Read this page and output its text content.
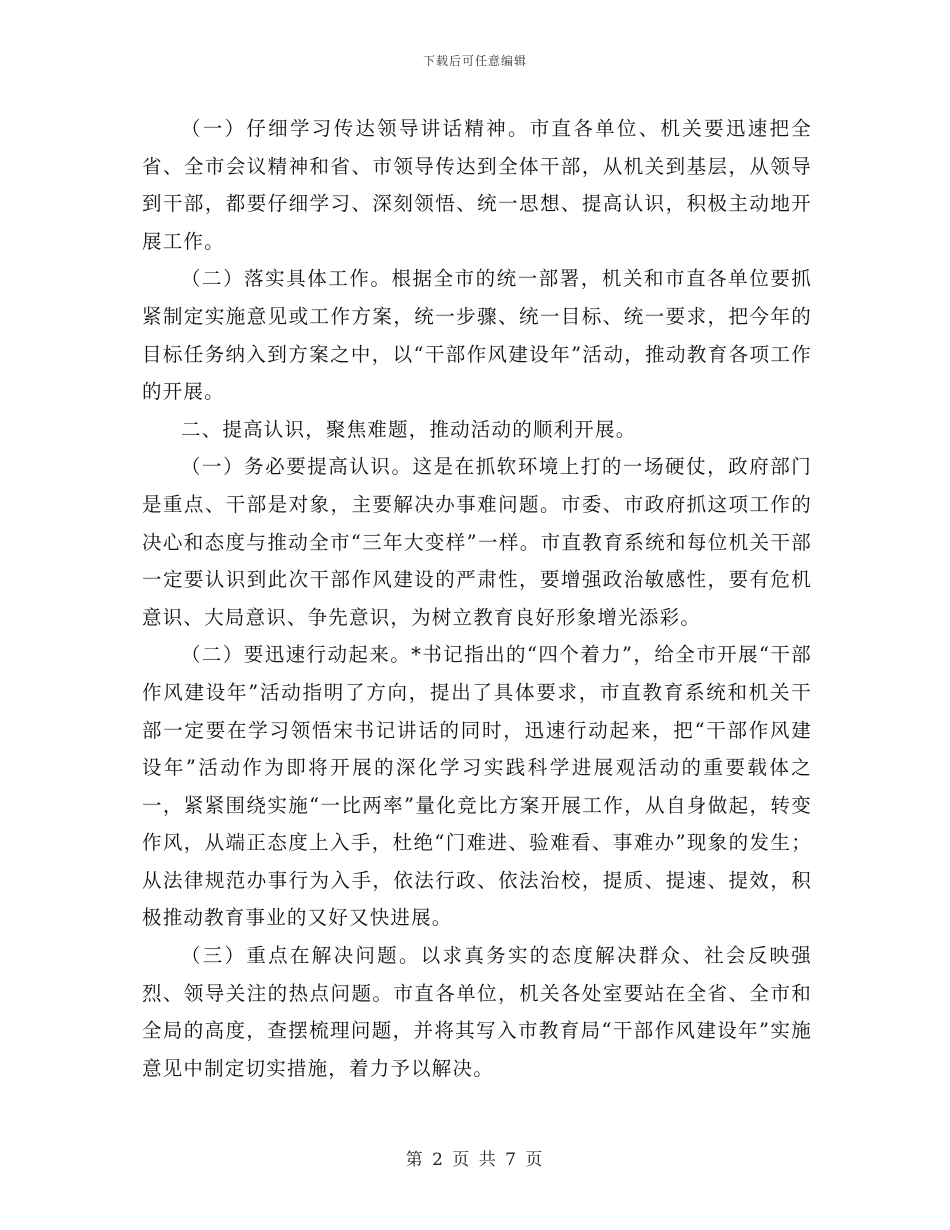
下载后可任意编辑

（一）仔细学习传达领导讲话精神。市直各单位、机关要迅速把全省、全市会议精神和省、市领导传达到全体干部，从机关到基层，从领导到干部，都要仔细学习、深刻领悟、统一思想、提高认识，积极主动地开展工作。

（二）落实具体工作。根据全市的统一部署，机关和市直各单位要抓紧制定实施意见或工作方案，统一步骤、统一目标、统一要求，把今年的目标任务纳入到方案之中，以“干部作风建设年”活动，推动教育各项工作的开展。

二、提高认识，聚焦难题，推动活动的顺利开展。

（一）务必要提高认识。这是在抓软环境上打的一场硬仗，政府部门是重点、干部是对象，主要解决办事难问题。市委、市政府抓这项工作的决心和态度与推动全市“三年大变样”一样。市直教育系统和每位机关干部一定要认识到此次干部作风建设的严肃性，要增强政治敏感性，要有危机意识、大局意识、争先意识，为树立教育良好形象增光添彩。

（二）要迅速行动起来。*书记指出的“四个着力”，给全市开展“干部作风建设年”活动指明了方向，提出了具体要求，市直教育系统和机关干部一定要在学习领悟宋书记讲话的同时，迅速行动起来，把“干部作风建设年”活动作为即将开展的深化学习实践科学进展观活动的重要载体之一，紧紧围绕实施“一比两率”量化竞比方案开展工作，从自身做起，转变作风，从端正态度上入手，杜绝“门难进、验难看、事难办”现象的发生；从法律规范办事行为入手，依法行政、依法治校，提质、提速、提效，积极推动教育事业的又好又快进展。

（三）重点在解决问题。以求真务实的态度解决群众、社会反映强烈、领导关注的热点问题。市直各单位，机关各处室要站在全省、全市和全局的高度，查摆梳理问题，并将其写入市教育局“干部作风建设年”实施意见中制定切实措施，着力予以解决。

第 2 页 共 7 页
